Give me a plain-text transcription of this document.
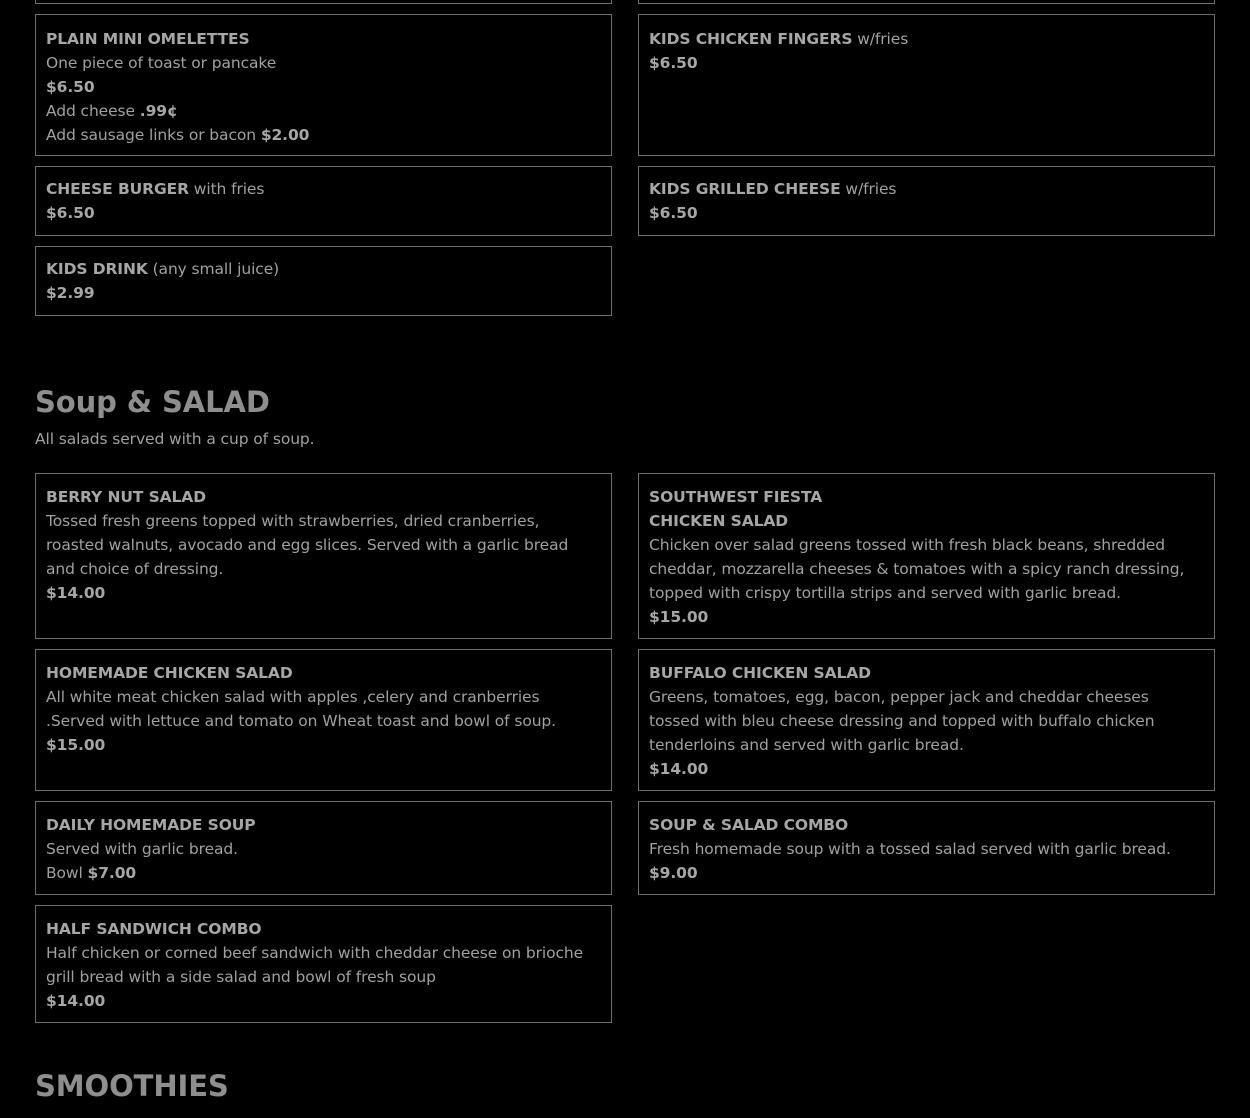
PLAIN MINI OMELETTES
One piece of toast or pancake
$6.50
Add cheese .99¢
Add sausage links or bacon $2.00
KIDS CHICKEN FINGERS w/fries
$6.50
CHEESE BURGER with fries
$6.50
KIDS GRILLED CHEESE w/fries
$6.50
KIDS DRINK (any small juice)
$2.99
Soup & SALAD
All salads served with a cup of soup.
BERRY NUT SALAD
Tossed fresh greens topped with strawberries, dried cranberries, roasted walnuts, avocado and egg slices. Served with a garlic bread and choice of dressing.
$14.00
SOUTHWEST FIESTA
CHICKEN SALAD
Chicken over salad greens tossed with fresh black beans, shredded cheddar, mozzarella cheeses & tomatoes with a spicy ranch dressing, topped with crispy tortilla strips and served with garlic bread.
$15.00
HOMEMADE CHICKEN SALAD
All white meat chicken salad with apples ,celery and cranberries .Served with lettuce and tomato on Wheat toast and bowl of soup.
$15.00
BUFFALO CHICKEN SALAD
Greens, tomatoes, egg, bacon, pepper jack and cheddar cheeses tossed with bleu cheese dressing and topped with buffalo chicken tenderloins and served with garlic bread.
$14.00
DAILY HOMEMADE SOUP
Served with garlic bread.
Bowl $7.00
SOUP & SALAD COMBO
Fresh homemade soup with a tossed salad served with garlic bread.
$9.00
HALF SANDWICH COMBO
Half chicken or corned beef sandwich with cheddar cheese on brioche grill bread with a side salad and bowl of fresh soup
$14.00
SMOOTHIES
